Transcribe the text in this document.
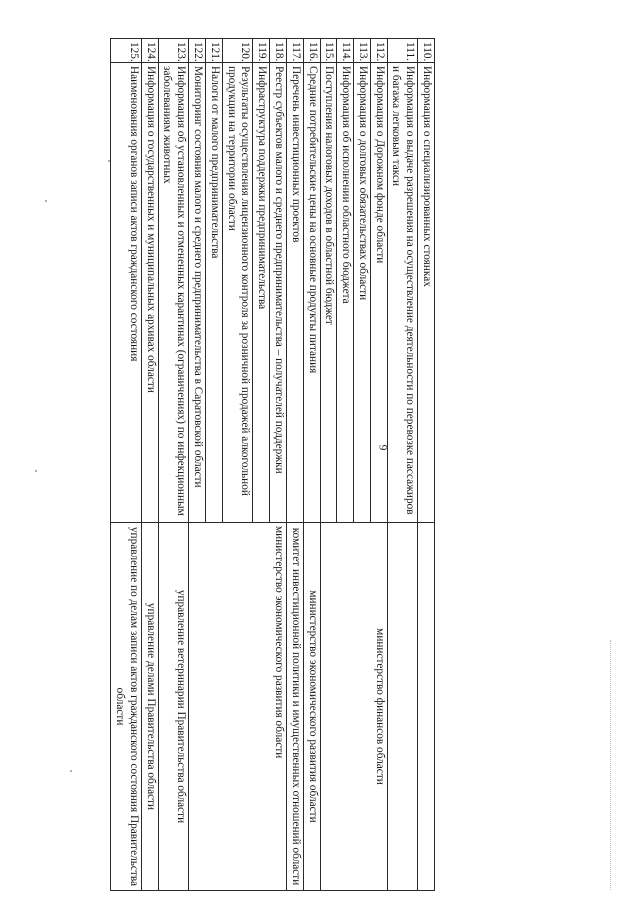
9
110.	Информация о специализированных стоянках	
111.	Информация о выдаче разрешения на осуществление деятельности по перевозке пассажиров и багажа легковым такси	
112.	Информация о Дорожном фонде области	министерство финансов области
113.	Информация о долговых обязательствах области	
114.	Информация об исполнении областного бюджета	
115.	Поступления налоговых доходов в областной бюджет	
116.	Средние потребительские цены на основные продукты питания	министерство экономического развития области
117.	Перечень инвестиционных проектов	комитет инвестиционной политики и имущественных отношений области
118.	Реестр субъектов малого и среднего предпринимательства – получателей поддержки	министерство экономического развития области
119.	Инфраструктура поддержки предпринимательства	
120.	Результаты осуществления лицензионного контроля за розничной продажей алкогольной продукции на территории области	
121.	Налоги от малого предпринимательства	
122.	Мониторинг состояния малого и среднего предпринимательства в Саратовской области	
123.	Информация об установленных и отмененных карантинах (ограничениях) по инфекционным заболеваниям животных	управление ветеринарии Правительства области
124.	Информация о государственных и муниципальных архивах области	управление делами Правительства области
125.	Наименования органов записи актов гражданского состояния	управление по делам записи актов гражданского состояния Правительства области
